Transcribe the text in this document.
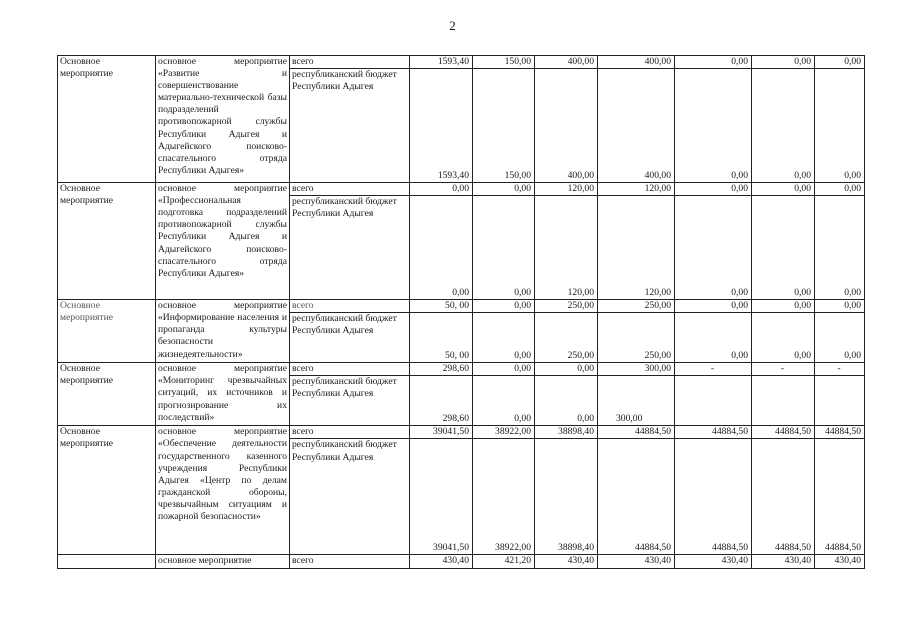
2
Основное мероприятие	основное мероприятие «Развитие и совершенствование материально-технической базы подразделений противопожарной службы Республики Адыгея и Адыгейского поисково-спасательного отряда Республики Адыгея»	всего	1593,40	150,00	400,00	400,00	0,00	0,00	0,00
		республиканский бюджет Республики Адыгея	1593,40	150,00	400,00	400,00	0,00	0,00	0,00
Основное мероприятие	основное мероприятие «Профессиональная подготовка подразделений противопожарной службы Республики Адыгея и Адыгейского поисково-спасательного отряда Республики Адыгея»	всего	0,00	0,00	120,00	120,00	0,00	0,00	0,00
		республиканский бюджет Республики Адыгея	0,00	0,00	120,00	120,00	0,00	0,00	0,00
Основное мероприятие	основное мероприятие «Информирование населения и пропаганда культуры безопасности жизнедеятельности»	всего	50, 00	0,00	250,00	250,00	0,00	0,00	0,00
		республиканский бюджет Республики Адыгея	50, 00	0,00	250,00	250,00	0,00	0,00	0,00
Основное мероприятие	основное мероприятие «Мониторинг чрезвычайных ситуаций, их источников и прогнозирование их последствий»	всего	298,60	0,00	0,00	300,00	-	-	-
		республиканский бюджет Республики Адыгея	298,60	0,00	0,00	300,00			
Основное мероприятие	основное мероприятие «Обеспечение деятельности государственного казенного учреждения Республики Адыгея «Центр по делам гражданской обороны, чрезвычайным ситуациям и пожарной безопасности»	всего	39041,50	38922,00	38898,40	44884,50	44884,50	44884,50	44884,50
		республиканский бюджет Республики Адыгея	39041,50	38922,00	38898,40	44884,50	44884,50	44884,50	44884,50
	основное мероприятие	всего	430,40	421,20	430,40	430,40	430,40	430,40	430,40
